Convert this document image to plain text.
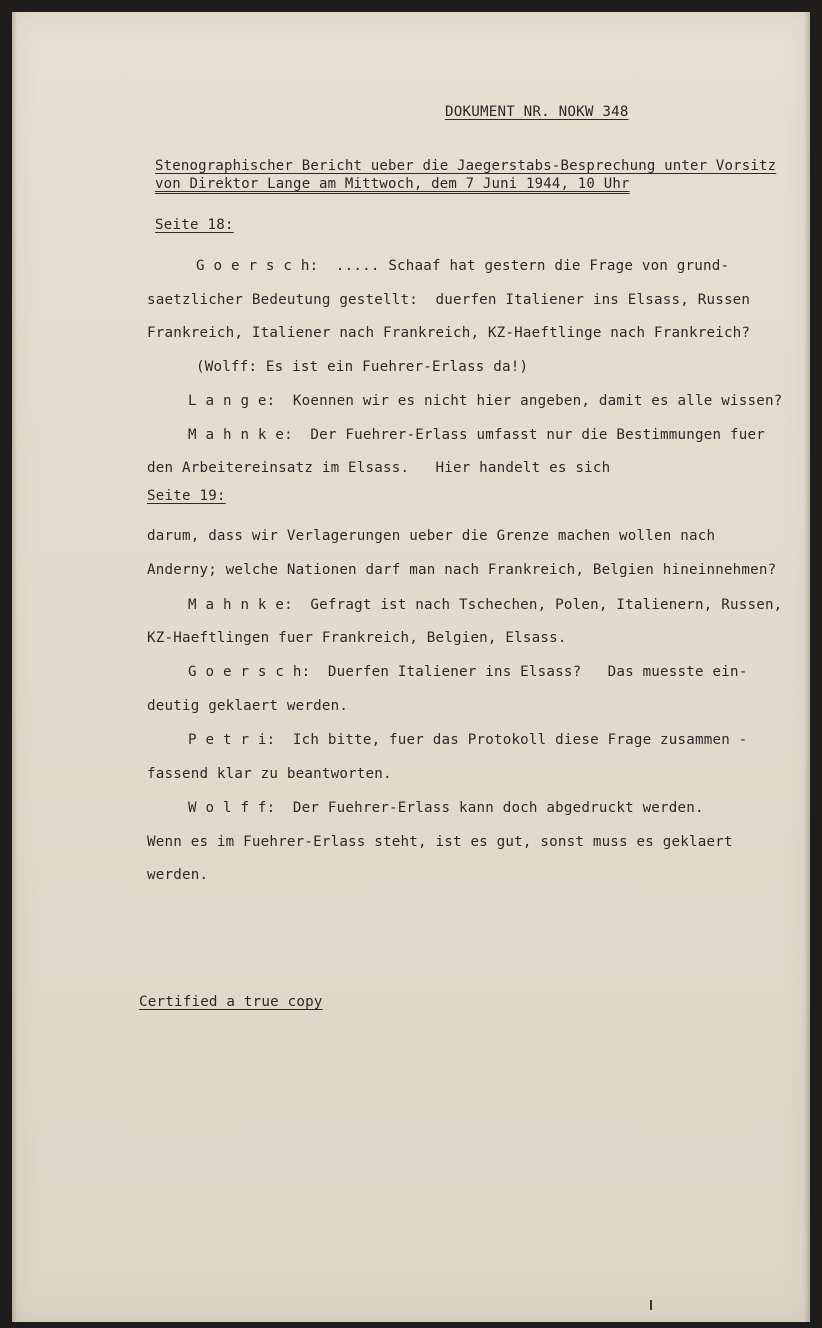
DOKUMENT NR. NOKW 348
Stenographischer Bericht ueber die Jaegerstabs-Besprechung unter Vorsitz
von Direktor Lange am Mittwoch, dem 7 Juni 1944, 10 Uhr
Seite 18:
G o e r s c h:  ..... Schaaf hat gestern die Frage von grund-
saetzlicher Bedeutung gestellt:  duerfen Italiener ins Elsass, Russen
Frankreich, Italiener nach Frankreich, KZ-Haeftlinge nach Frankreich?
(Wolff: Es ist ein Fuehrer-Erlass da!)
L a n g e:  Koennen wir es nicht hier angeben, damit es alle wissen?
M a h n k e:  Der Fuehrer-Erlass umfasst nur die Bestimmungen fuer
den Arbeitereinsatz im Elsass.   Hier handelt es sich
Seite 19:
darum, dass wir Verlagerungen ueber die Grenze machen wollen nach
Anderny; welche Nationen darf man nach Frankreich, Belgien hineinnehmen?
M a h n k e:  Gefragt ist nach Tschechen, Polen, Italienern, Russen,
KZ-Haeftlingen fuer Frankreich, Belgien, Elsass.
G o e r s c h:  Duerfen Italiener ins Elsass?   Das muesste ein-
deutig geklaert werden.
P e t r i:  Ich bitte, fuer das Protokoll diese Frage zusammen -
fassend klar zu beantworten.
W o l f f:  Der Fuehrer-Erlass kann doch abgedruckt werden.
Wenn es im Fuehrer-Erlass steht, ist es gut, sonst muss es geklaert
werden.
Certified a true copy
